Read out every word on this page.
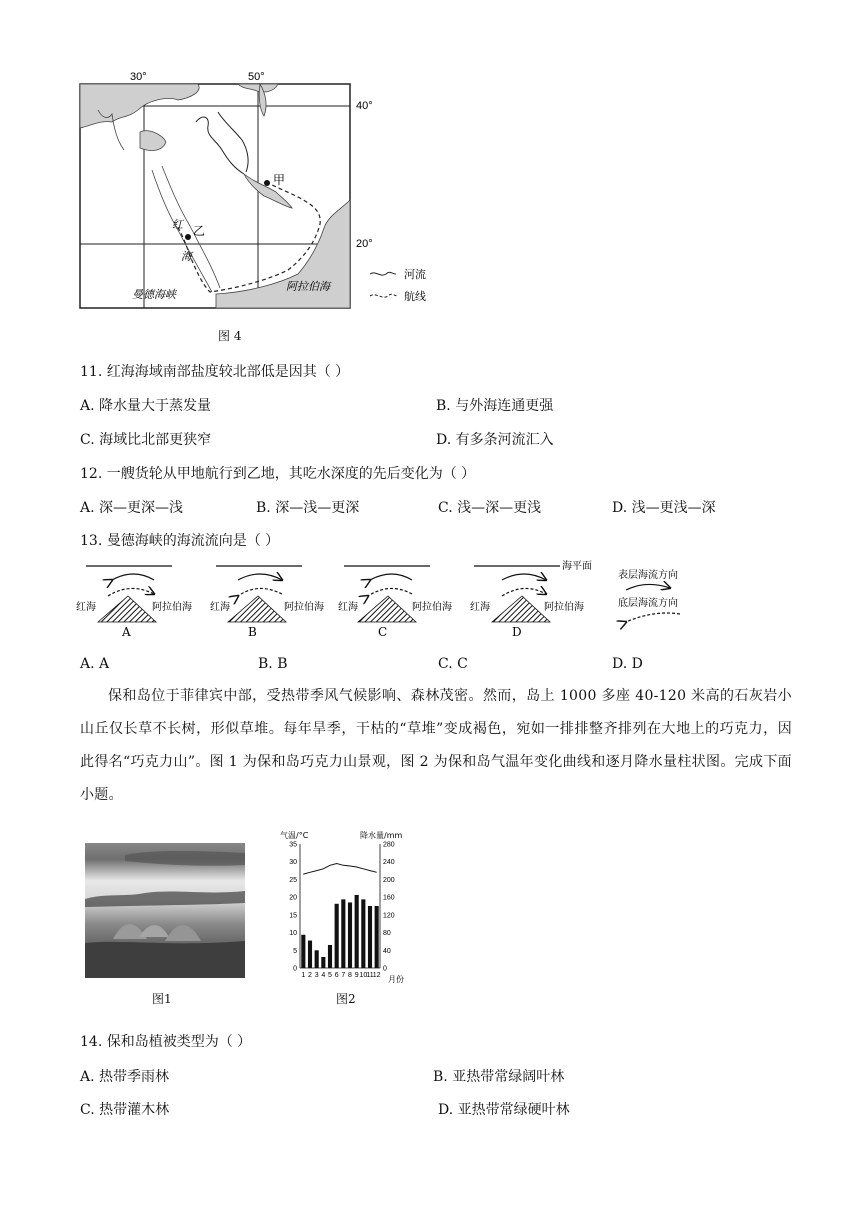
30°	50°
40°
20°
甲
乙
红
海
曼德海峡
阿拉伯海
河流
航线
图 4
11. 红海海域南部盐度较北部低是因其（ ）
A. 降水量大于蒸发量	B. 与外海连通更强
C. 海域比北部更狭窄	D. 有多条河流汇入
12. 一艘货轮从甲地航行到乙地，其吃水深度的先后变化为（ ）
A. 深—更深—浅	B. 深—浅—更深	C. 浅—深—更浅	D. 浅—更浅—深
13. 曼德海峡的海流流向是（ ）
红海	阿拉伯海
A
红海	阿拉伯海
B
红海	阿拉伯海
C
海平面
红海	阿拉伯海
D
表层海流方向
底层海流方向
A. A	B. B	C. C	D. D
保和岛位于菲律宾中部，受热带季风气候影响、森林茂密。然而，岛上 1000 多座 40-120 米高的石灰岩小山丘仅长草不长树，形似草堆。每年旱季，干枯的“草堆”变成褐色，宛如一排排整齐排列在大地上的巧克力，因此得名“巧克力山”。图 1 为保和岛巧克力山景观，图 2 为保和岛气温年变化曲线和逐月降水量柱状图。完成下面小题。
图1
气温/°C	降水量/mm
0
5
10
15
20
25
30
35
0
40
80
120
160
200
240
280
1 2 3 4 5 6 7 8 9 10 11 12 月份
图2
14. 保和岛植被类型为（ ）
A. 热带季雨林	B. 亚热带常绿阔叶林
C. 热带灌木林	D. 亚热带常绿硬叶林
